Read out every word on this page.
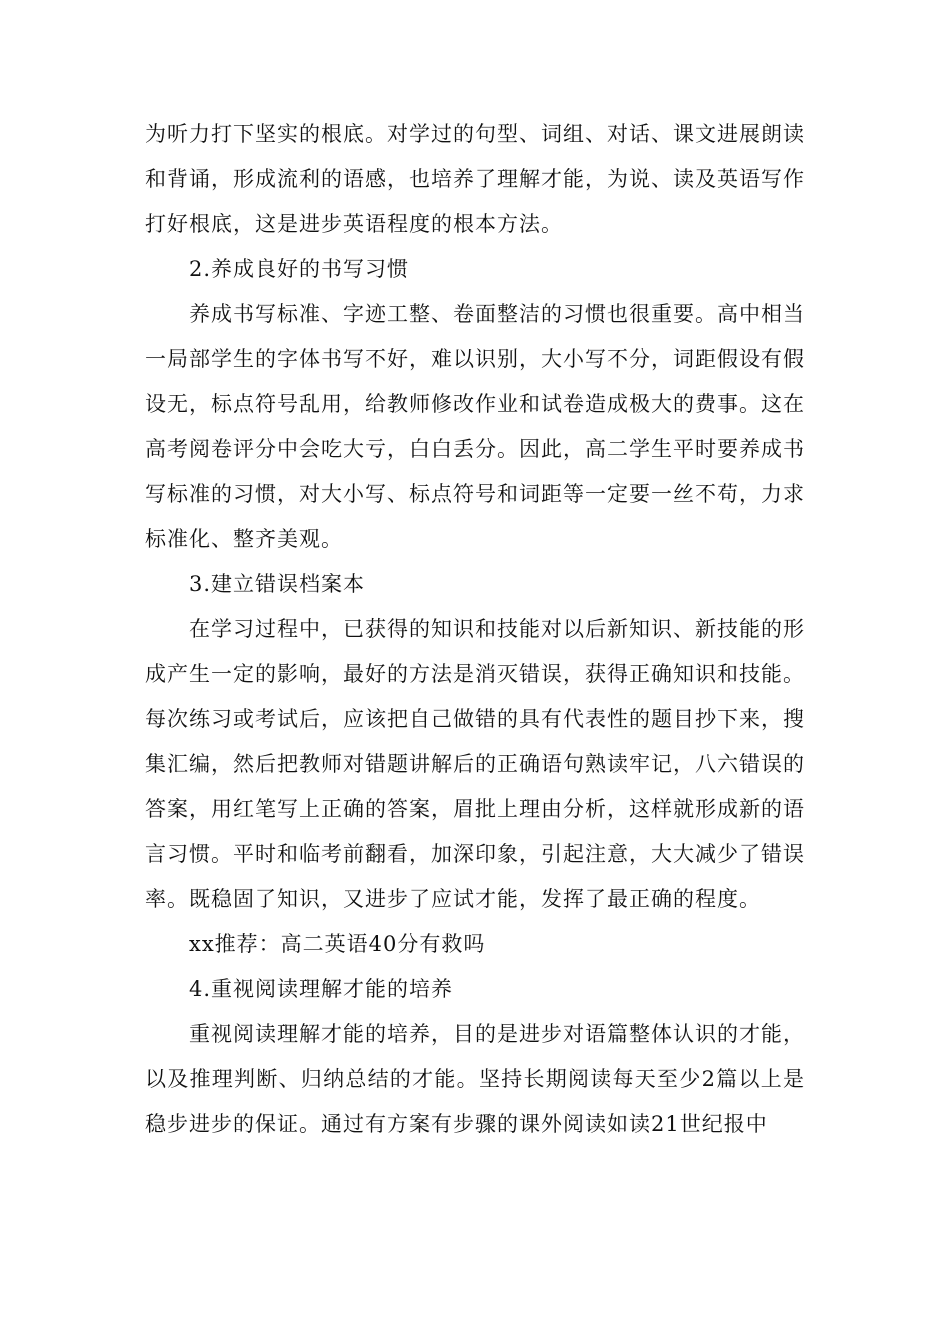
为听力打下坚实的根底。对学过的句型、词组、对话、课文进展朗读和背诵，形成流利的语感，也培养了理解才能，为说、读及英语写作打好根底，这是进步英语程度的根本方法。

2.养成良好的书写习惯

养成书写标准、字迹工整、卷面整洁的习惯也很重要。高中相当一局部学生的字体书写不好，难以识别，大小写不分，词距假设有假设无，标点符号乱用，给教师修改作业和试卷造成极大的费事。这在高考阅卷评分中会吃大亏，白白丢分。因此，高二学生平时要养成书写标准的习惯，对大小写、标点符号和词距等一定要一丝不苟，力求标准化、整齐美观。

3.建立错误档案本

在学习过程中，已获得的知识和技能对以后新知识、新技能的形成产生一定的影响，最好的方法是消灭错误，获得正确知识和技能。每次练习或考试后，应该把自己做错的具有代表性的题目抄下来，搜集汇编，然后把教师对错题讲解后的正确语句熟读牢记，八六错误的答案，用红笔写上正确的答案，眉批上理由分析，这样就形成新的语言习惯。平时和临考前翻看，加深印象，引起注意，大大减少了错误率。既稳固了知识，又进步了应试才能，发挥了最正确的程度。

xx推荐：高二英语40分有救吗

4.重视阅读理解才能的培养

重视阅读理解才能的培养，目的是进步对语篇整体认识的才能，以及推理判断、归纳总结的才能。坚持长期阅读每天至少2篇以上是稳步进步的保证。通过有方案有步骤的课外阅读如读21世纪报中
